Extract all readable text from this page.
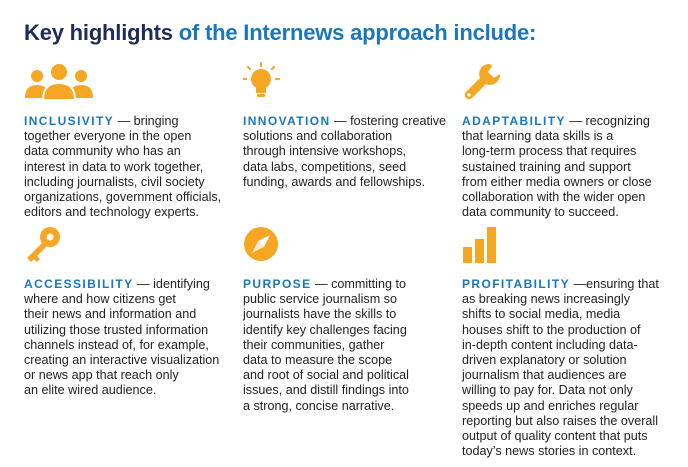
Key highlights of the Internews approach include:
INCLUSIVITY — bringing
together everyone in the open
data community who has an
interest in data to work together,
including journalists, civil society
organizations, government officials,
editors and technology experts.
INNOVATION — fostering creative
solutions and collaboration
through intensive workshops,
data labs, competitions, seed
funding, awards and fellowships.
ADAPTABILITY — recognizing
that learning data skills is a
long-term process that requires
sustained training and support
from either media owners or close
collaboration with the wider open
data community to succeed.
ACCESSIBILITY — identifying
where and how citizens get
their news and information and
utilizing those trusted information
channels instead of, for example,
creating an interactive visualization
or news app that reach only
an elite wired audience.
PURPOSE — committing to
public service journalism so
journalists have the skills to
identify key challenges facing
their communities, gather
data to measure the scope
and root of social and political
issues, and distill findings into
a strong, concise narrative.
PROFITABILITY —ensuring that
as breaking news increasingly
shifts to social media, media
houses shift to the production of
in-depth content including data-
driven explanatory or solution
journalism that audiences are
willing to pay for. Data not only
speeds up and enriches regular
reporting but also raises the overall
output of quality content that puts
today’s news stories in context.
